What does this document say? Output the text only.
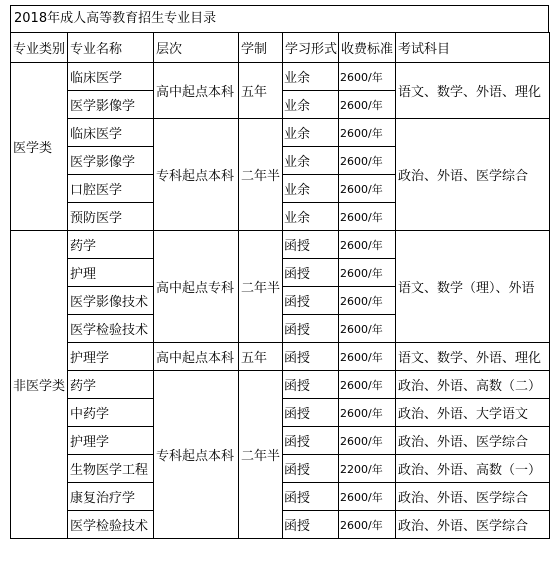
2018年成人高等教育招生专业目录
专业类别	专业名称	层次	学制	学习形式	收费标准	考试科目
医学类	临床医学	高中起点本科	五年	业余	2600/年	语文、数学、外语、理化
	医学影像学			业余	2600/年	
	临床医学	专科起点本科	二年半	业余	2600/年	政治、外语、医学综合
	医学影像学			业余	2600/年	
	口腔医学			业余	2600/年	
	预防医学			业余	2600/年	
非医学类	药学	高中起点专科	二年半	函授	2600/年	语文、数学（理）、外语
	护理			函授	2600/年	
	医学影像技术			函授	2600/年	
	医学检验技术			函授	2600/年	
	护理学	高中起点本科	五年	函授	2600/年	语文、数学、外语、理化
	药学	专科起点本科	二年半	函授	2600/年	政治、外语、高数（二）
	中药学			函授	2600/年	政治、外语、大学语文
	护理学			函授	2600/年	政治、外语、医学综合
	生物医学工程			函授	2200/年	政治、外语、高数（一）
	康复治疗学			函授	2600/年	政治、外语、医学综合
	医学检验技术			函授	2600/年	政治、外语、医学综合
